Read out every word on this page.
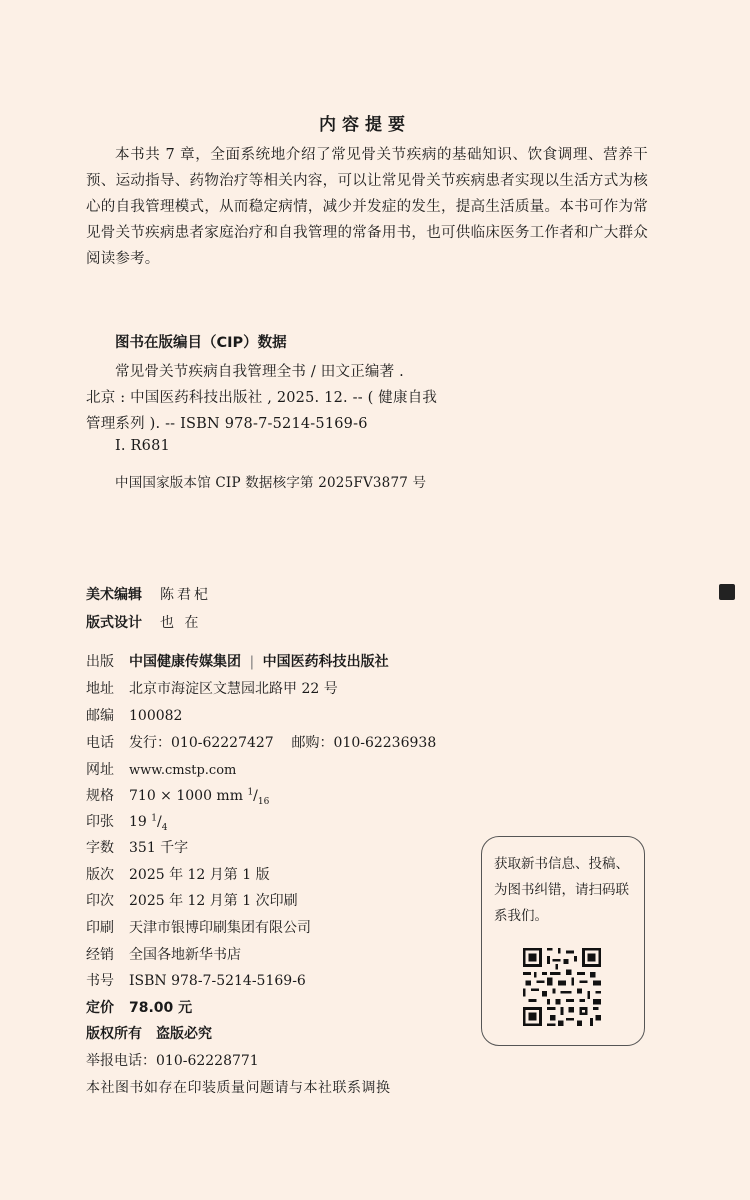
内容提要
本书共 7 章，全面系统地介绍了常见骨关节疾病的基础知识、饮食调理、营养干预、运动指导、药物治疗等相关内容，可以让常见骨关节疾病患者实现以生活方式为核心的自我管理模式，从而稳定病情，减少并发症的发生，提高生活质量。本书可作为常见骨关节疾病患者家庭治疗和自我管理的常备用书，也可供临床医务工作者和广大群众阅读参考。
图书在版编目（CIP）数据
常见骨关节疾病自我管理全书 / 田文正编著 .
北京 : 中国医药科技出版社 , 2025. 12. -- ( 健康自我
管理系列 ). -- ISBN 978-7-5214-5169-6
Ⅰ. R681
中国国家版本馆 CIP 数据核字第 2025FV3877 号
美术编辑 陈君杞
版式设计 也 在
出版 中国健康传媒集团 | 中国医药科技出版社
地址 北京市海淀区文慧园北路甲 22 号
邮编 100082
电话 发行：010-62227427    邮购：010-62236938
网址 www.cmstp.com
规格 710 × 1000 mm $^1/_{16}$
印张 19 $^1/_4$
字数 351 千字
版次 2025 年 12 月第 1 版
印次 2025 年 12 月第 1 次印刷
印刷 天津市银博印刷集团有限公司
经销 全国各地新华书店
书号 ISBN 978-7-5214-5169-6
定价 78.00 元
版权所有　盗版必究
举报电话：010-62228771
本社图书如存在印装质量问题请与本社联系调换
获取新书信息、投稿、为图书纠错，请扫码联系我们。
